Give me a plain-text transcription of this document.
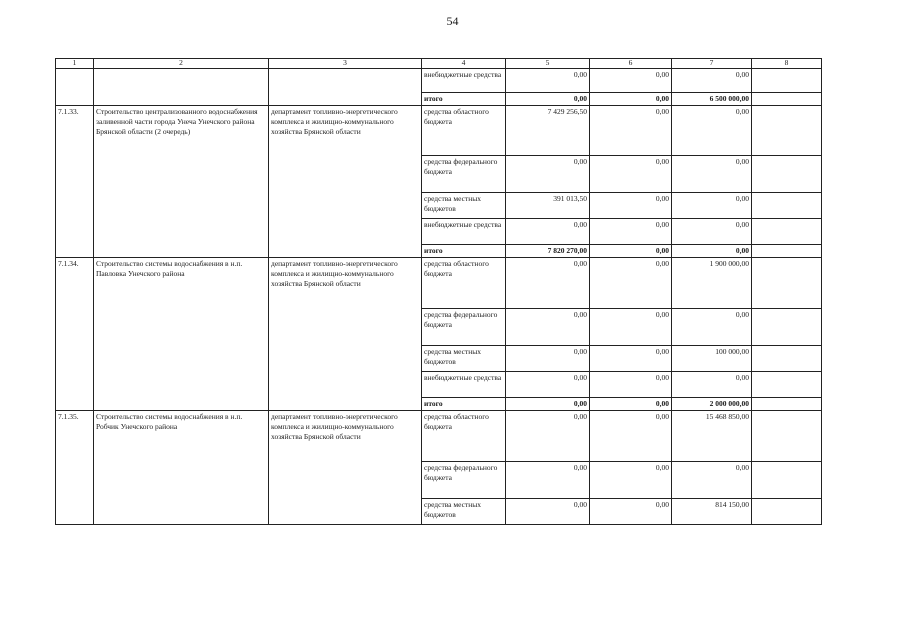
54
1	2	3	4	5	6	7	8
			внебюджетные средства	0,00	0,00	0,00	
			итого	0,00	0,00	6 500 000,00	
7.1.33.	Строительство централизованного водоснабжения заливенной части города Унеча Унечского района Брянской области (2 очередь)	департамент топливно-энергетического комплекса и жилищно-коммунального хозяйства Брянской области	средства областного бюджета	7 429 256,50	0,00	0,00	
			средства федерального бюджета	0,00	0,00	0,00	
			средства местных бюджетов	391 013,50	0,00	0,00	
			внебюджетные средства	0,00	0,00	0,00	
			итого	7 820 270,00	0,00	0,00	
7.1.34.	Строительство системы водоснабжения в н.п. Павловка Унечского района	департамент топливно-энергетического комплекса и жилищно-коммунального хозяйства Брянской области	средства областного бюджета	0,00	0,00	1 900 000,00	
			средства федерального бюджета	0,00	0,00	0,00	
			средства местных бюджетов	0,00	0,00	100 000,00	
			внебюджетные средства	0,00	0,00	0,00	
			итого	0,00	0,00	2 000 000,00	
7.1.35.	Строительство системы водоснабжения в н.п. Робчик Унечского района	департамент топливно-энергетического комплекса и жилищно-коммунального хозяйства Брянской области	средства областного бюджета	0,00	0,00	15 468 850,00	
			средства федерального бюджета	0,00	0,00	0,00	
			средства местных бюджетов	0,00	0,00	814 150,00	
